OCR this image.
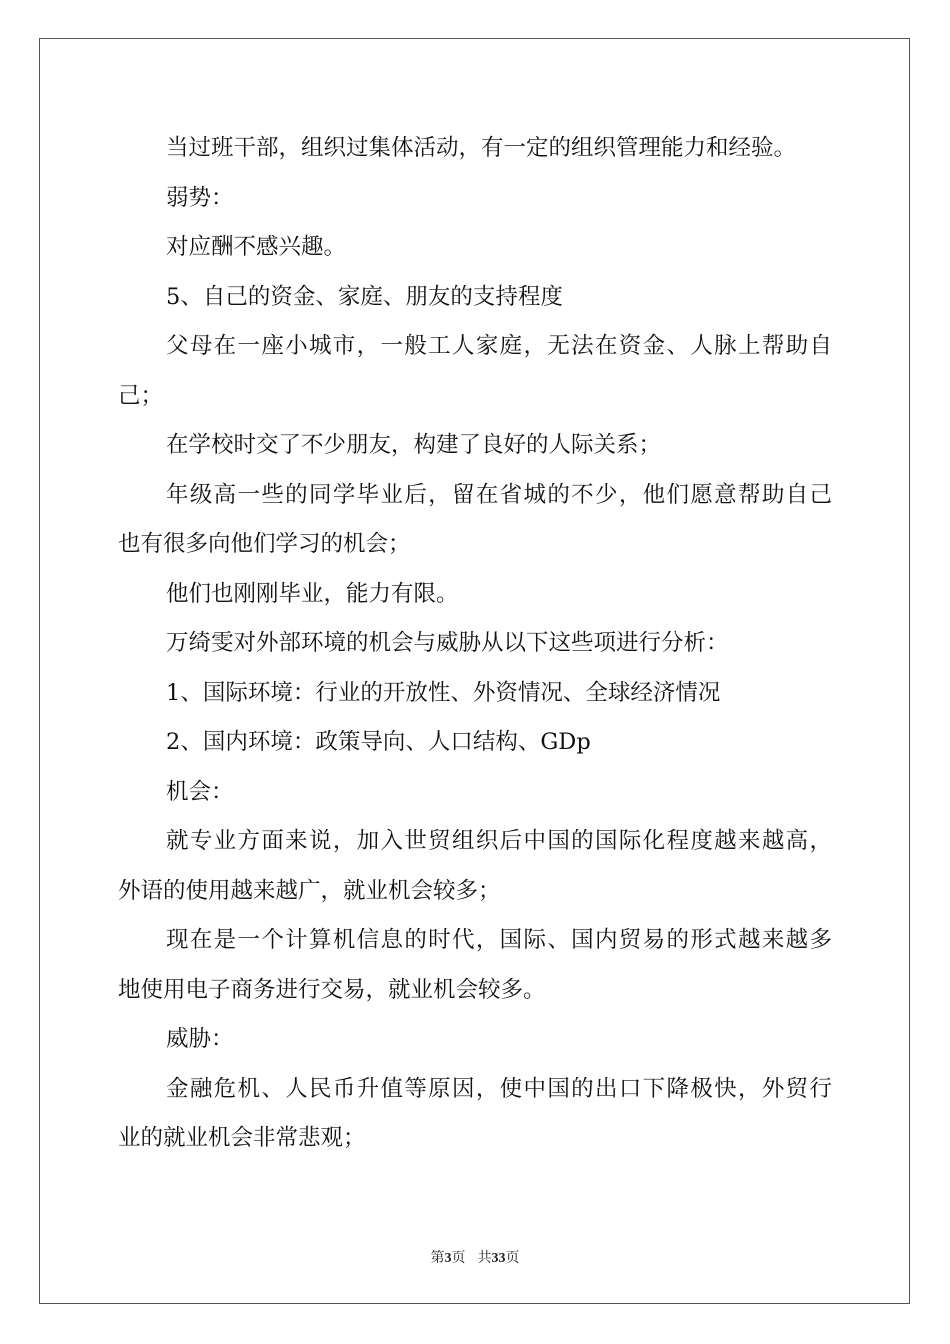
当过班干部，组织过集体活动，有一定的组织管理能力和经验。
弱势：
对应酬不感兴趣。
5、自己的资金、家庭、朋友的支持程度
父母在一座小城市，一般工人家庭，无法在资金、人脉上帮助自
己；
在学校时交了不少朋友，构建了良好的人际关系；
年级高一些的同学毕业后，留在省城的不少，他们愿意帮助自己
也有很多向他们学习的机会；
他们也刚刚毕业，能力有限。
万绮雯对外部环境的机会与威胁从以下这些项进行分析：
1、国际环境：行业的开放性、外资情况、全球经济情况
2、国内环境：政策导向、人口结构、GDp
机会：
就专业方面来说，加入世贸组织后中国的国际化程度越来越高，
外语的使用越来越广，就业机会较多；
现在是一个计算机信息的时代，国际、国内贸易的形式越来越多
地使用电子商务进行交易，就业机会较多。
威胁：
金融危机、人民币升值等原因，使中国的出口下降极快，外贸行
业的就业机会非常悲观；
第3页 共33页
